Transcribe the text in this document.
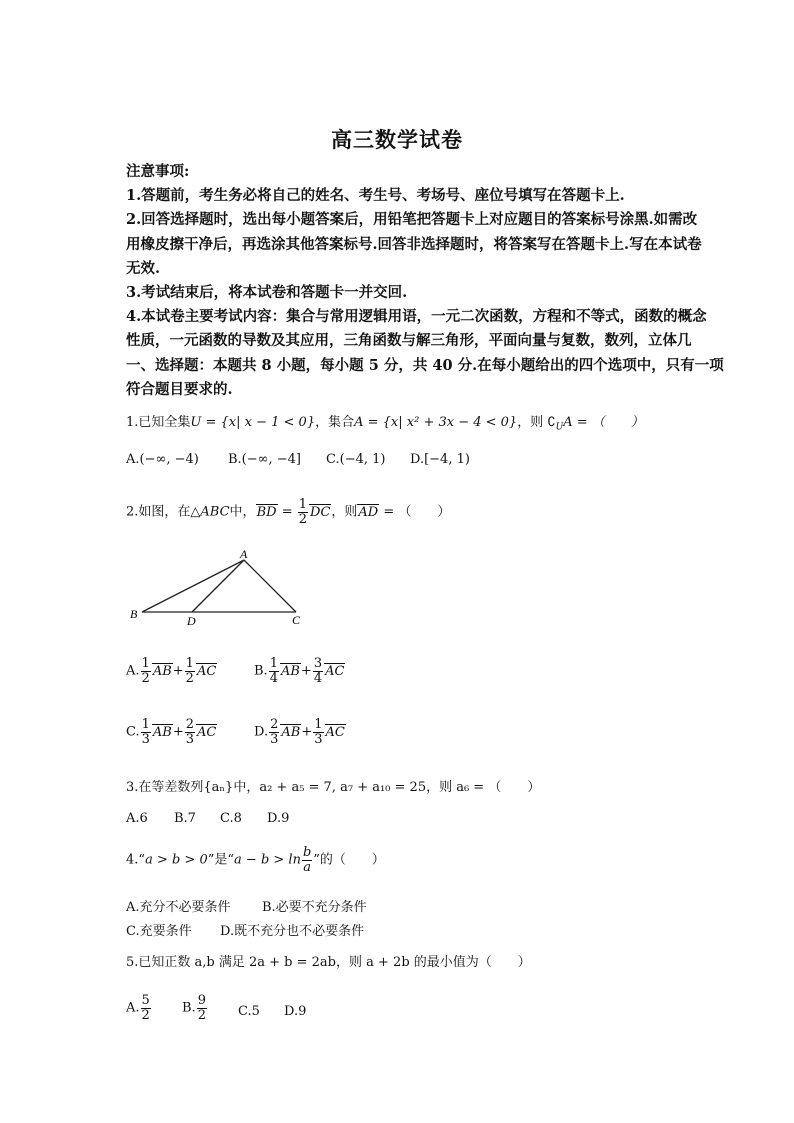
高三数学试卷
注意事项:
1.答题前，考生务必将自己的姓名、考生号、考场号、座位号填写在答题卡上.
2.回答选择题时，选出每小题答案后，用铅笔把答题卡上对应题目的答案标号涂黑.如需改
用橡皮擦干净后，再选涂其他答案标号.回答非选择题时，将答案写在答题卡上.写在本试卷
无效.
3.考试结束后，将本试卷和答题卡一并交回.
4.本试卷主要考试内容：集合与常用逻辑用语，一元二次函数，方程和不等式，函数的概念
性质，一元函数的导数及其应用，三角函数与解三角形，平面向量与复数，数列，立体几
一、选择题：本题共 8 小题，每小题 5 分，共 40 分.在每小题给出的四个选项中，只有一项
符合题目要求的.
1.已知全集U = {x| x − 1 < 0}，集合A = {x| x² + 3x − 4 < 0}，则 $∁_UA$ = （　　）
A.(−∞, −4) B.(−∞, −4] C.(−4, 1) D.[−4, 1)
2.如图，在△ABC中，BD = $\frac{1}{2}$ DC，则AD = （　　）
A
B	C
D
A. $\frac{1}{2} AB+ \frac{1}{2}$ AC	B. $\frac{1}{4} AB+ \frac{3}{4}$ AC
C. $\frac{1}{3} AB+ \frac{2}{3}$ AC	D. $\frac{2}{3} AB+ \frac{1}{3}$ AC
3.在等差数列{aₙ}中，a₂ + a₅ = 7, a₇ + a₁₀ = 25，则 a₆ = （　　）
A.6 B.7 C.8 D.9
4.“a > b > 0”是“$a - b > \ln \frac{b}{a}$ ”的（　　）
A.充分不必要条件 B.必要不充分条件
C.充要条件 D.既不充分也不必要条件
5.已知正数 a,b 满足 2a + b = 2ab，则 a + 2b 的最小值为（　　）
A. $\frac{5}{2} B$. $\frac{9}{2} C.5$ D.9
